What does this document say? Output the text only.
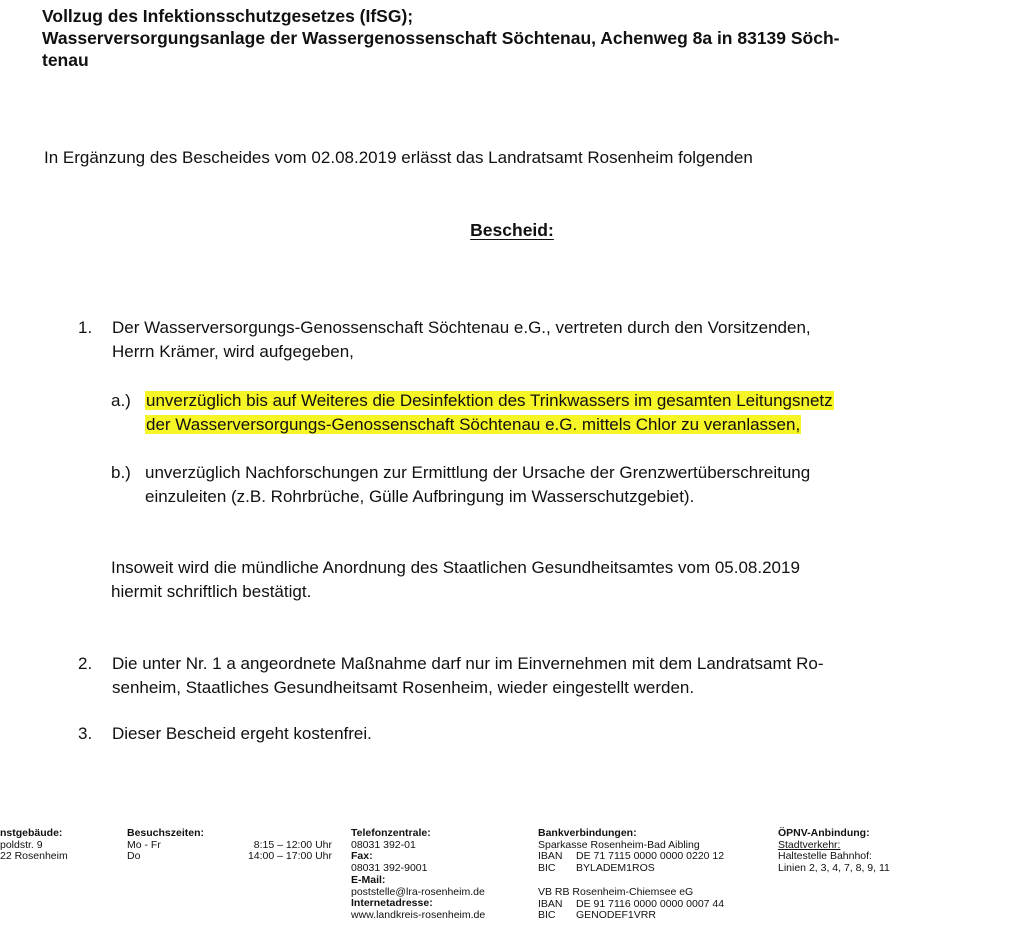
Vollzug des Infektionsschutzgesetzes (IfSG);
Wasserversorgungsanlage der Wassergenossenschaft Söchtenau, Achenweg 8a in 83139 Söch-
tenau
In Ergänzung des Bescheides vom 02.08.2019 erlässt das Landratsamt Rosenheim folgenden
Bescheid:
1. Der Wasserversorgungs-Genossenschaft Söchtenau e.G., vertreten durch den Vorsitzenden,
Herrn Krämer, wird aufgegeben,
a.) unverzüglich bis auf Weiteres die Desinfektion des Trinkwassers im gesamten Leitungsnetz
der Wasserversorgungs-Genossenschaft Söchtenau e.G. mittels Chlor zu veranlassen,
b.) unverzüglich Nachforschungen zur Ermittlung der Ursache der Grenzwertüberschreitung
einzuleiten (z.B. Rohrbrüche, Gülle Aufbringung im Wasserschutzgebiet).
Insoweit wird die mündliche Anordnung des Staatlichen Gesundheitsamtes vom 05.08.2019
hiermit schriftlich bestätigt.
2. Die unter Nr. 1 a angeordnete Maßnahme darf nur im Einvernehmen mit dem Landratsamt Ro-
senheim, Staatliches Gesundheitsamt Rosenheim, wieder eingestellt werden.
3. Dieser Bescheid ergeht kostenfrei.
nstgebäude:
poldstr. 9
22 Rosenheim
Besuchszeiten:
Mo - Fr	8:15 – 12:00 Uhr
Do	14:00 – 17:00 Uhr
Telefonzentrale:
08031 392-01
Fax:
08031 392-9001
E-Mail:
poststelle@lra-rosenheim.de
Internetadresse:
www.landkreis-rosenheim.de
Bankverbindungen:
Sparkasse Rosenheim-Bad Aibling
IBAN DE 71 7115 0000 0000 0220 12
BIC BYLADEM1ROS
VB RB Rosenheim-Chiemsee eG
IBAN DE 91 7116 0000 0000 0007 44
BIC GENODEF1VRR
ÖPNV-Anbindung:
Stadtverkehr:
Haltestelle Bahnhof:
Linien 2, 3, 4, 7, 8, 9, 11
